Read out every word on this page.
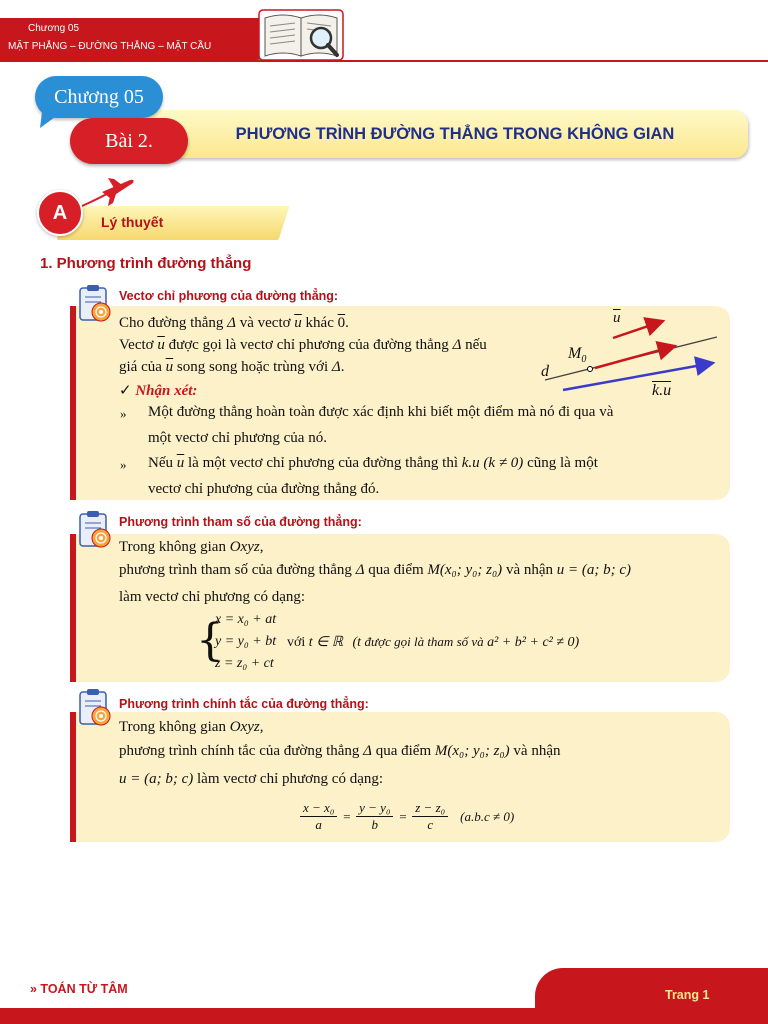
Chương 05
MẶT PHẲNG – ĐƯỜNG THẲNG – MẶT CẦU
PHƯƠNG TRÌNH ĐƯỜNG THẲNG TRONG KHÔNG GIAN
Chương 05
Bài 2.
A	Lý thuyết
1. Phương trình đường thẳng
Vectơ chỉ phương của đường thẳng:
Cho đường thẳng Δ và vectơ $\overline{u}$ khác 0.
Vectơ $\overline{u}$ được gọi là vectơ chỉ phương của đường thẳng Δ nếu
giá của $\overline{u}$ song song hoặc trùng với Δ.
✓ Nhận xét:
» Một đường thẳng hoàn toàn được xác định khi biết một điểm mà nó đi qua và
một vectơ chỉ phương của nó.
» Nếu $\overline{u}$ là một vectơ chỉ phương của đường thẳng thì k.u (k ≠ 0) cũng là một
vectơ chỉ phương của đường thẳng đó.
$\overline{u}$
$M_0$
d
k.u
Phương trình tham số của đường thẳng:
Trong không gian Oxyz,
phương trình tham số của đường thẳng Δ qua điểm M(x₀; y₀; z₀) và nhận u = (a; b; c)
làm vectơ chỉ phương có dạng:
{
x = x₀ + at
y = y₀ + bt
z = z₀ + ct
với t ∈ ℝ (t được gọi là tham số và a² + b² + c² ≠ 0)
Phương trình chính tắc của đường thẳng:
Trong không gian Oxyz,
phương trình chính tắc của đường thẳng Δ qua điểm M(x₀; y₀; z₀) và nhận
u = (a; b; c) làm vectơ chỉ phương có dạng:
$\frac{\text{x − x₀}}{a} = \frac{\text{y − y₀}}{b} = \frac{\text{z − z₀}}{c} (a.b.c \ne 0)$
» TOÁN TỪ TÂM	Trang 1
